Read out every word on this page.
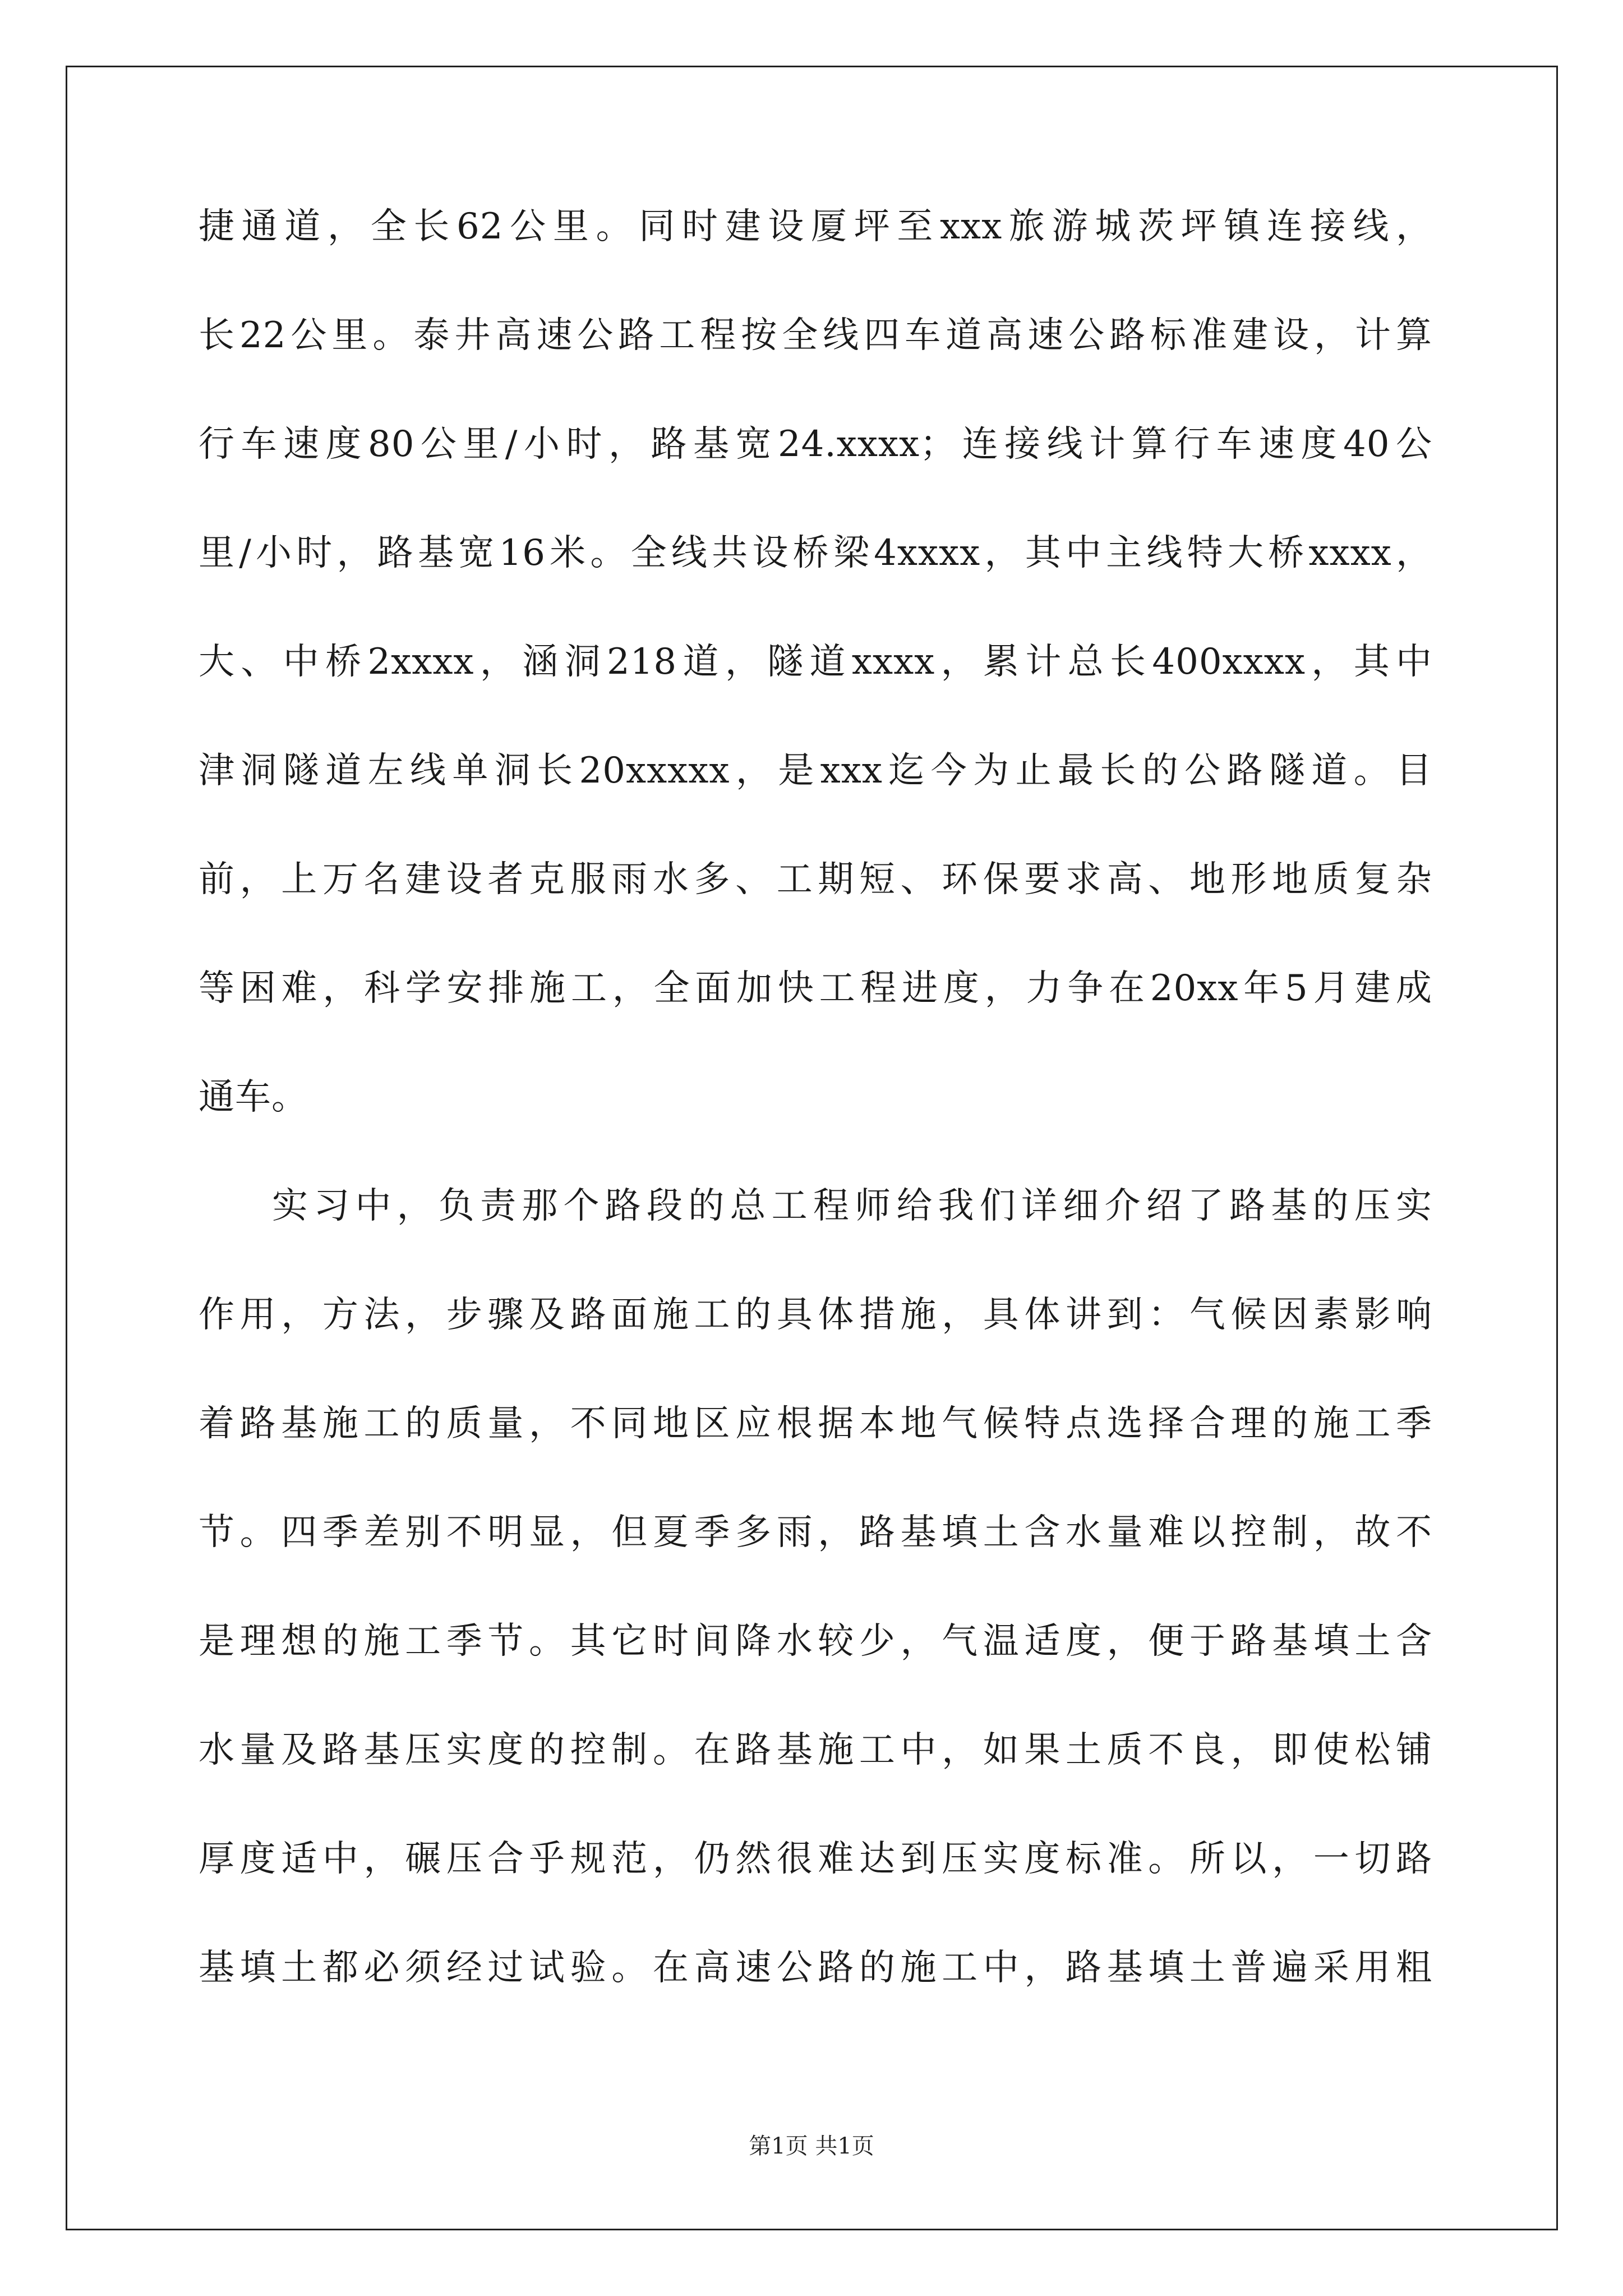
捷通道，全长62公里。同时建设厦坪至xxx旅游城茨坪镇连接线，
长22公里。泰井高速公路工程按全线四车道高速公路标准建设，计算
行车速度80公里/小时，路基宽24.xxxx；连接线计算行车速度40公
里/小时，路基宽16米。全线共设桥梁4xxxx，其中主线特大桥xxxx，
大、中桥2xxxx，涵洞218道，隧道xxxx，累计总长400xxxx，其中
津洞隧道左线单洞长20xxxxx，是xxx迄今为止最长的公路隧道。目
前，上万名建设者克服雨水多、工期短、环保要求高、地形地质复杂
等困难，科学安排施工，全面加快工程进度，力争在20xx年5月建成
通车。
实习中，负责那个路段的总工程师给我们详细介绍了路基的压实
作用，方法，步骤及路面施工的具体措施，具体讲到：气候因素影响
着路基施工的质量，不同地区应根据本地气候特点选择合理的施工季
节。四季差别不明显，但夏季多雨，路基填土含水量难以控制，故不
是理想的施工季节。其它时间降水较少，气温适度，便于路基填土含
水量及路基压实度的控制。在路基施工中，如果土质不良，即使松铺
厚度适中，碾压合乎规范，仍然很难达到压实度标准。所以，一切路
基填土都必须经过试验。在高速公路的施工中，路基填土普遍采用粗
第1页 共1页
